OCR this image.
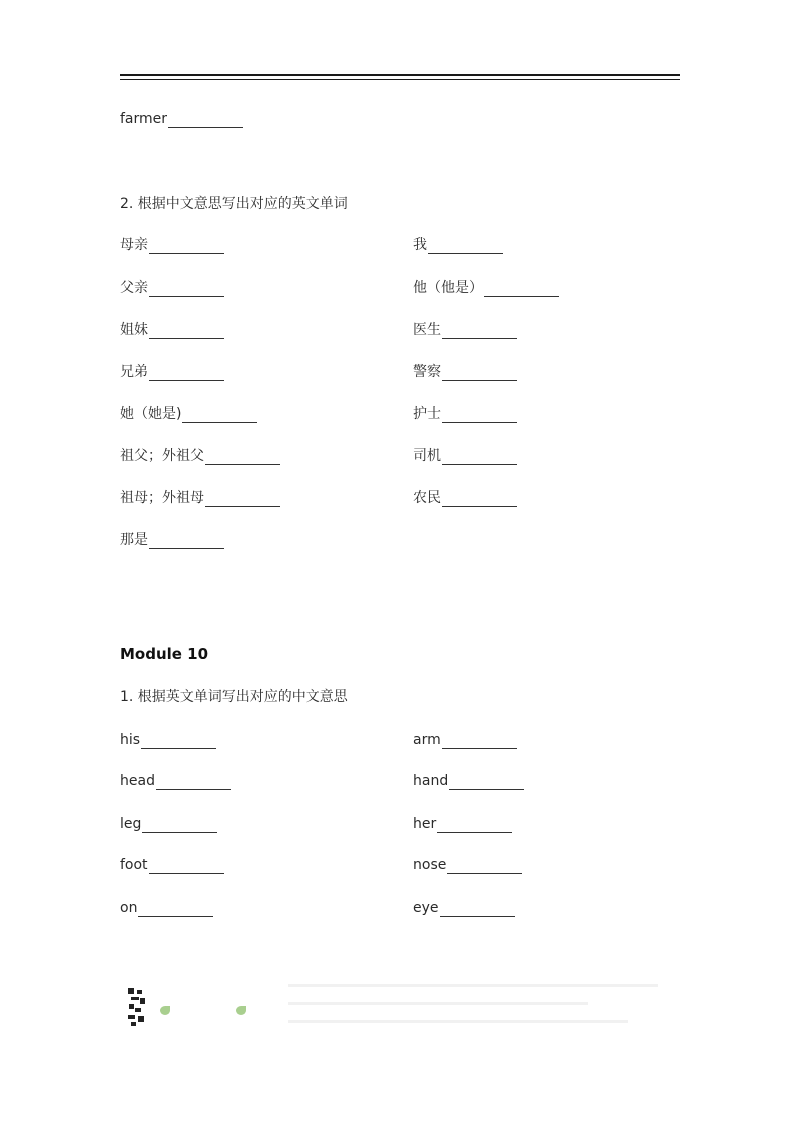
farmer
2. 根据中文意思写出对应的英文单词
母亲
父亲
姐妹
兄弟
她（她是)
祖父；外祖父
祖母；外祖母
那是
我
他（他是）
医生
警察
护士
司机
农民
Module 10
1. 根据英文单词写出对应的中文意思
his
head
leg
foot
on
arm
hand
her
nose
eye
